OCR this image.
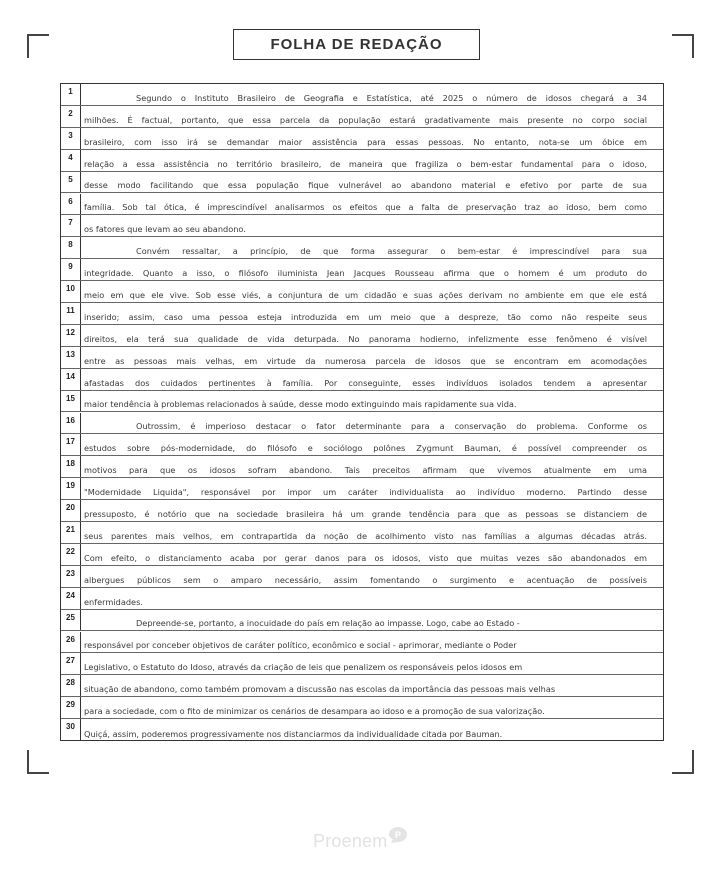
FOLHA DE REDAÇÃO
1
Segundo o Instituto Brasileiro de Geografia e Estatística, até 2025 o número de idosos chegará a 34
2
milhões. É factual, portanto, que essa parcela da população estará gradativamente mais presente no corpo social
3
brasileiro, com isso irá se demandar maior assistência para essas pessoas. No entanto, nota-se um óbice em
4
relação a essa assistência no território brasileiro, de maneira que fragiliza o bem-estar fundamental para o idoso,
5
desse modo facilitando que essa população fique vulnerável ao abandono material e efetivo por parte de sua
6
família. Sob tal ótica, é imprescindível analisarmos os efeitos que a falta de preservação traz ao idoso, bem como
7
os fatores que levam ao seu abandono.
8
Convém ressaltar, a princípio, de que forma assegurar o bem-estar é imprescindível para sua
9
integridade. Quanto a isso, o filósofo iluminista Jean Jacques Rousseau afirma que o homem é um produto do
10
meio em que ele vive. Sob esse viés, a conjuntura de um cidadão e suas ações derivam no ambiente em que ele está
11
inserido; assim, caso uma pessoa esteja introduzida em um meio que a despreze, tão como não respeite seus
12
direitos, ela terá sua qualidade de vida deturpada. No panorama hodierno, infelizmente esse fenômeno é visível
13
entre as pessoas mais velhas, em virtude da numerosa parcela de idosos que se encontram em acomodações
14
afastadas dos cuidados pertinentes à família. Por conseguinte, esses indivíduos isolados tendem a apresentar
15
maior tendência à problemas relacionados à saúde, desse modo extinguindo mais rapidamente sua vida.
16
Outrossim, é imperioso destacar o fator determinante para a conservação do problema. Conforme os
17
estudos sobre pós-modernidade, do filósofo e sociólogo polônes Zygmunt Bauman, é possível compreender os
18
motivos para que os idosos sofram abandono. Tais preceitos afirmam que vivemos atualmente em uma
19
"Modernidade Liquida", responsável por impor um caráter individualista ao indivíduo moderno. Partindo desse
20
pressuposto, é notório que na sociedade brasileira há um grande tendência para que as pessoas se distanciem de
21
seus parentes mais velhos, em contrapartida da noção de acolhimento visto nas famílias a algumas décadas atrás.
22
Com efeito, o distanciamento acaba por gerar danos para os idosos, visto que muitas vezes são abandonados em
23
albergues públicos sem o amparo necessário, assim fomentando o surgimento e acentuação de possíveis
24
enfermidades.
25
Depreende-se, portanto, a inocuidade do país em relação ao impasse. Logo, cabe ao Estado -
26
responsável por conceber objetivos de caráter político, econômico e social - aprimorar, mediante o Poder
27
Legislativo, o Estatuto do Idoso, através da criação de leis que penalizem os responsáveis pelos idosos em
28
situação de abandono, como também promovam a discussão nas escolas da importância das pessoas mais velhas
29
para a sociedade, com o fito de minimizar os cenários de desampara ao idoso e a promoção de sua valorização.
30
Quiçá, assim, poderemos progressivamente nos distanciarmos da individualidade citada por Bauman.
Proenem P
